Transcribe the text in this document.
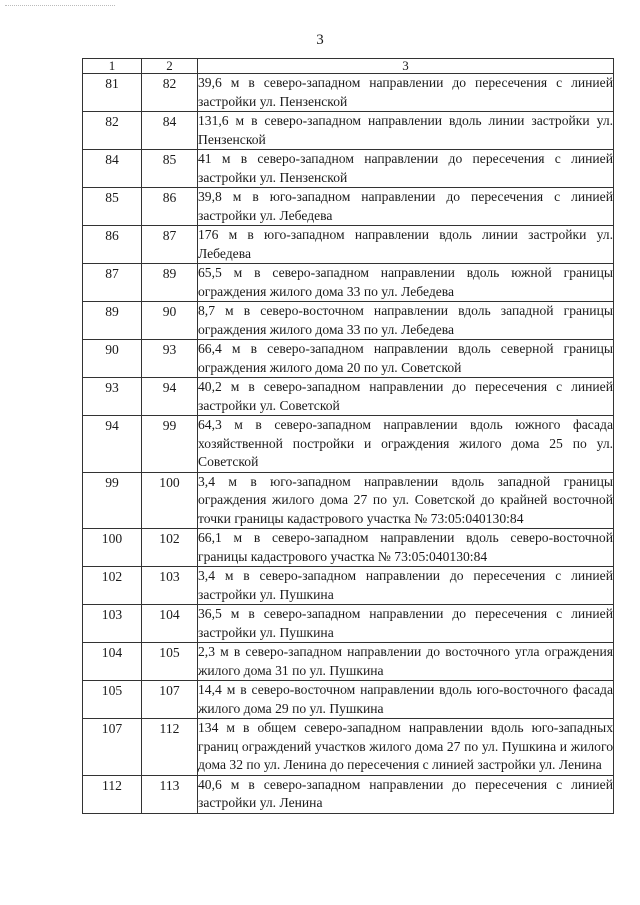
3
1	2	3
81	82	39,6 м в северо-западном направлении до пересечения с линией застройки ул. Пензенской
82	84	131,6 м в северо-западном направлении вдоль линии застройки ул. Пензенской
84	85	41 м в северо-западном направлении до пересечения с линией застройки ул. Пензенской
85	86	39,8 м в юго-западном направлении до пересечения с линией застройки ул. Лебедева
86	87	176 м в юго-западном направлении вдоль линии застройки ул. Лебедева
87	89	65,5 м в северо-западном направлении вдоль южной границы ограждения жилого дома 33 по ул. Лебедева
89	90	8,7 м в северо-восточном направлении вдоль западной границы ограждения жилого дома 33 по ул. Лебедева
90	93	66,4 м в северо-западном направлении вдоль северной границы ограждения жилого дома 20 по ул. Советской
93	94	40,2 м в северо-западном направлении до пересечения с линией застройки ул. Советской
94	99	64,3 м в северо-западном направлении вдоль южного фасада хозяйственной постройки и ограждения жилого дома 25 по ул. Советской
99	100	3,4 м в юго-западном направлении вдоль западной границы ограждения жилого дома 27 по ул. Советской до крайней восточной точки границы кадастрового участка № 73:05:040130:84
100	102	66,1 м в северо-западном направлении вдоль северо-восточной границы кадастрового участка № 73:05:040130:84
102	103	3,4 м в северо-западном направлении до пересечения с линией застройки ул. Пушкина
103	104	36,5 м в северо-западном направлении до пересечения с линией застройки ул. Пушкина
104	105	2,3 м в северо-западном направлении до восточного угла ограждения жилого дома 31 по ул. Пушкина
105	107	14,4 м в северо-восточном направлении вдоль юго-восточного фасада жилого дома 29 по ул. Пушкина
107	112	134 м в общем северо-западном направлении вдоль юго-западных границ ограждений участков жилого дома 27 по ул. Пушкина и жилого дома 32 по ул. Ленина до пересечения с линией застройки ул. Ленина
112	113	40,6 м в северо-западном направлении до пересечения с линией застройки ул. Ленина
